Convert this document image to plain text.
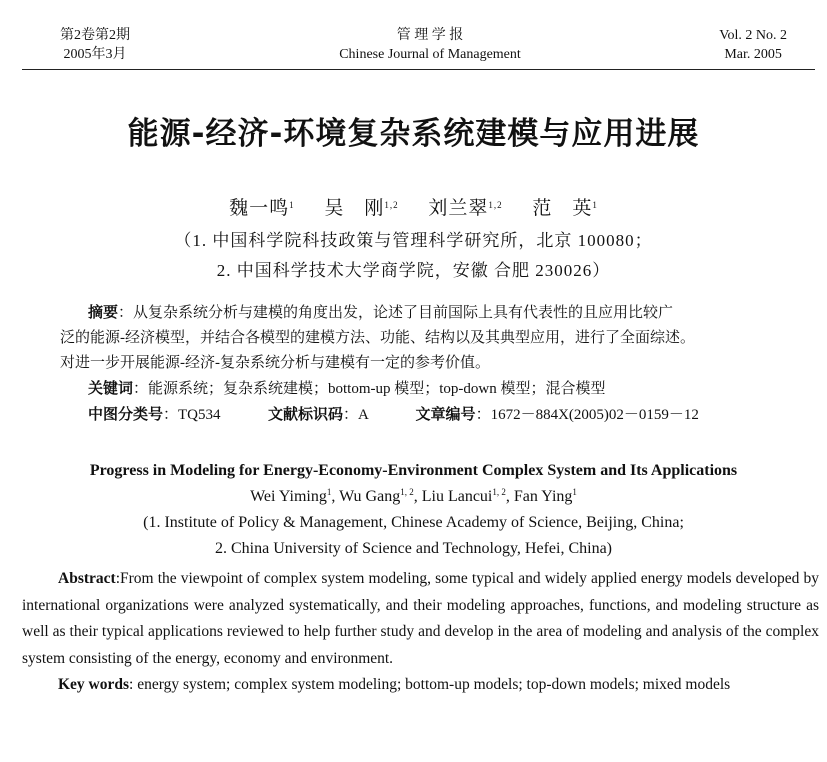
第2卷第2期
2005年3月
管 理 学 报
Chinese Journal of Management
Vol. 2 No. 2
Mar. 2005
能源-经济-环境复杂系统建模与应用进展
魏一鸣$^1$ 吴　刚$^{1,2}$ 刘兰翠$^{1,2}$ 范　英$^1$
（1. 中国科学院科技政策与管理科学研究所，北京 100080；
2. 中国科学技术大学商学院，安徽 合肥 230026）

摘要：从复杂系统分析与建模的角度出发，论述了目前国际上具有代表性的且应用比较广

泛的能源-经济模型，并结合各模型的建模方法、功能、结构以及其典型应用，进行了全面综述。

对进一步开展能源-经济-复杂系统分析与建模有一定的参考价值。

关键词：能源系统；复杂系统建模；bottom-up 模型；top-down 模型；混合模型

中图分类号：TQ534	文献标识码：A	文章编号：1672－884X(2005)02－0159－12

Progress in Modeling for Energy-Economy-Environment Complex System and Its Applications
Wei Yiming$^1$, Wu Gang$^{1, 2}$, Liu Lancui$^{1, 2}$, Fan Ying$^1$
(1. Institute of Policy & Management, Chinese Academy of Science, Beijing, China;
2. China University of Science and Technology, Hefei, China)

Abstract:From the viewpoint of complex system modeling, some typical and widely applied energy models developed by international organizations were analyzed systematically, and their modeling approaches, functions, and modeling structure as well as their typical applications reviewed to help further study and develop in the area of modeling and analysis of the complex system consisting of the energy, economy and environment.

Key words: energy system; complex system modeling; bottom-up models; top-down models; mixed models
